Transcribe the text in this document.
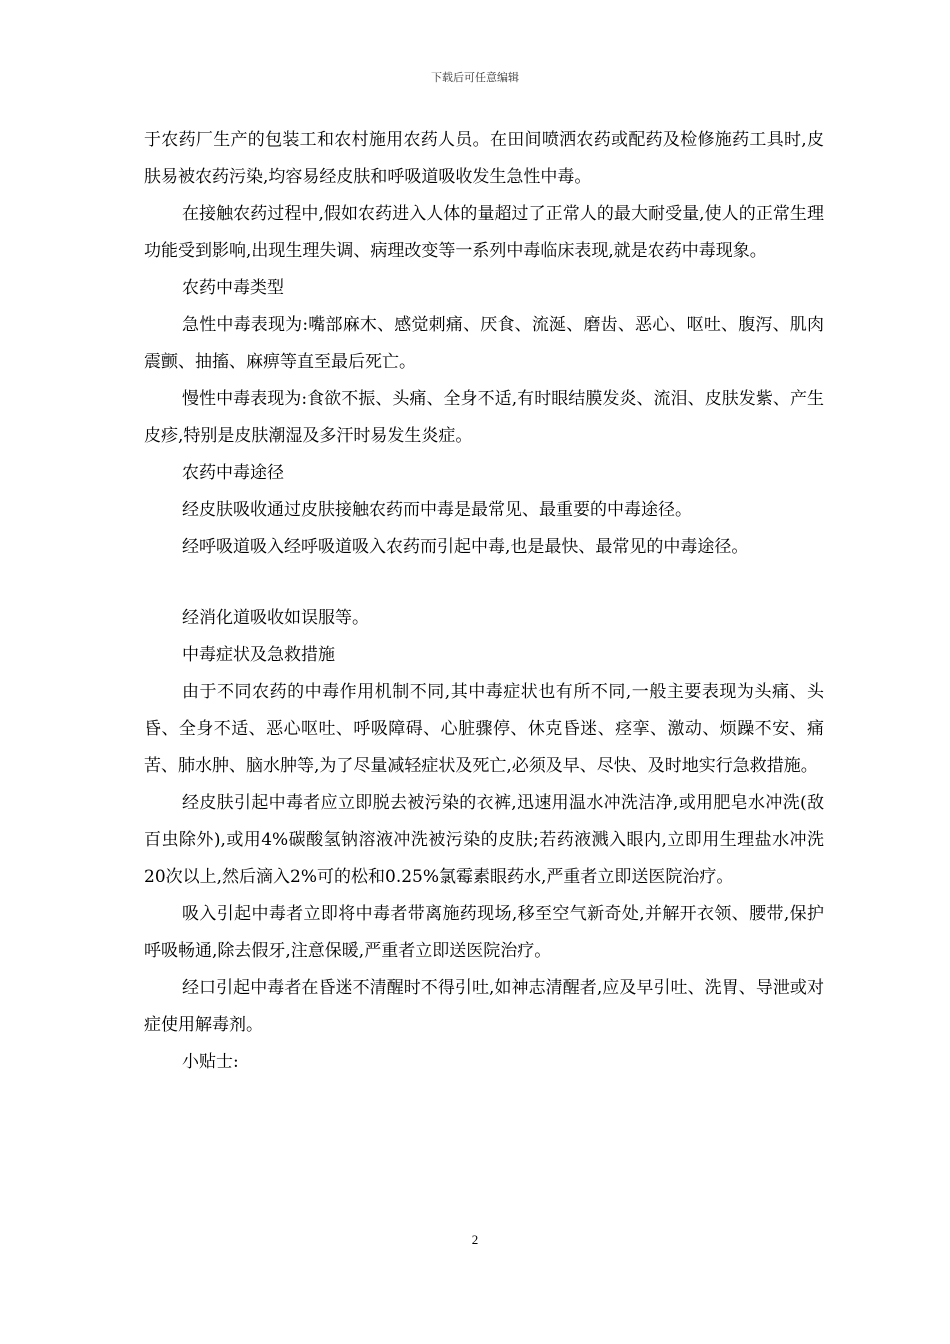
下载后可任意编辑

于农药厂生产的包装工和农村施用农药人员。在田间喷洒农药或配药及检修施药工具时,皮肤易被农药污染,均容易经皮肤和呼吸道吸收发生急性中毒。

在接触农药过程中,假如农药进入人体的量超过了正常人的最大耐受量,使人的正常生理功能受到影响,出现生理失调、病理改变等一系列中毒临床表现,就是农药中毒现象。

农药中毒类型

急性中毒表现为:嘴部麻木、感觉刺痛、厌食、流涎、磨齿、恶心、呕吐、腹泻、肌肉震颤、抽搐、麻痹等直至最后死亡。

慢性中毒表现为:食欲不振、头痛、全身不适,有时眼结膜发炎、流泪、皮肤发紫、产生皮疹,特别是皮肤潮湿及多汗时易发生炎症。

农药中毒途径

经皮肤吸收通过皮肤接触农药而中毒是最常见、最重要的中毒途径。

经呼吸道吸入经呼吸道吸入农药而引起中毒,也是最快、最常见的中毒途径。

经消化道吸收如误服等。

中毒症状及急救措施

由于不同农药的中毒作用机制不同,其中毒症状也有所不同,一般主要表现为头痛、头昏、全身不适、恶心呕吐、呼吸障碍、心脏骤停、休克昏迷、痉挛、激动、烦躁不安、痛苦、肺水肿、脑水肿等,为了尽量减轻症状及死亡,必须及早、尽快、及时地实行急救措施。

经皮肤引起中毒者应立即脱去被污染的衣裤,迅速用温水冲洗洁净,或用肥皂水冲洗(敌百虫除外),或用4%碳酸氢钠溶液冲洗被污染的皮肤;若药液溅入眼内,立即用生理盐水冲洗20次以上,然后滴入2%可的松和0.25%氯霉素眼药水,严重者立即送医院治疗。

吸入引起中毒者立即将中毒者带离施药现场,移至空气新奇处,并解开衣领、腰带,保护呼吸畅通,除去假牙,注意保暖,严重者立即送医院治疗。

经口引起中毒者在昏迷不清醒时不得引吐,如神志清醒者,应及早引吐、洗胃、导泄或对症使用解毒剂。

小贴士:

2
